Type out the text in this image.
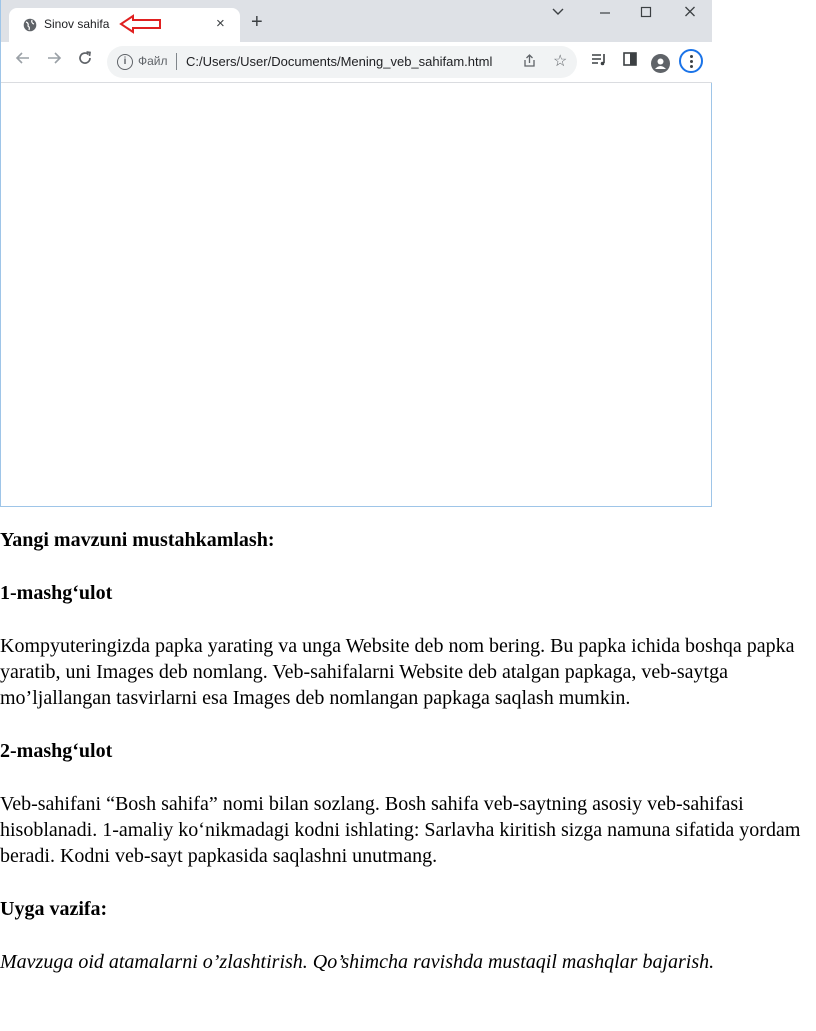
Sinov sahifa	× +
i Файл C:/Users/User/Documents/Mening_veb_sahifam.html	☆

Yangi mavzuni mustahkamlash:

1-mashg‘ulot

Kompyuteringizda papka yarating va unga Website deb nom bering. Bu papka ichida boshqa papka yaratib, uni Images deb nomlang. Veb-sahifalarni Website deb atalgan papkaga, veb-saytga mo’ljallangan tasvirlarni esa Images deb nomlangan papkaga saqlash mumkin.

2-mashg‘ulot

Veb-sahifani “Bosh sahifa” nomi bilan sozlang. Bosh sahifa veb-saytning asosiy veb-sahifasi hisoblanadi. 1-amaliy ko‘nikmadagi kodni ishlating: Sarlavha kiritish sizga namuna sifatida yordam beradi. Kodni veb-sayt papkasida saqlashni unutmang.

Uyga vazifa:

Mavzuga oid atamalarni o’zlashtirish. Qo’shimcha ravishda mustaqil mashqlar bajarish.
